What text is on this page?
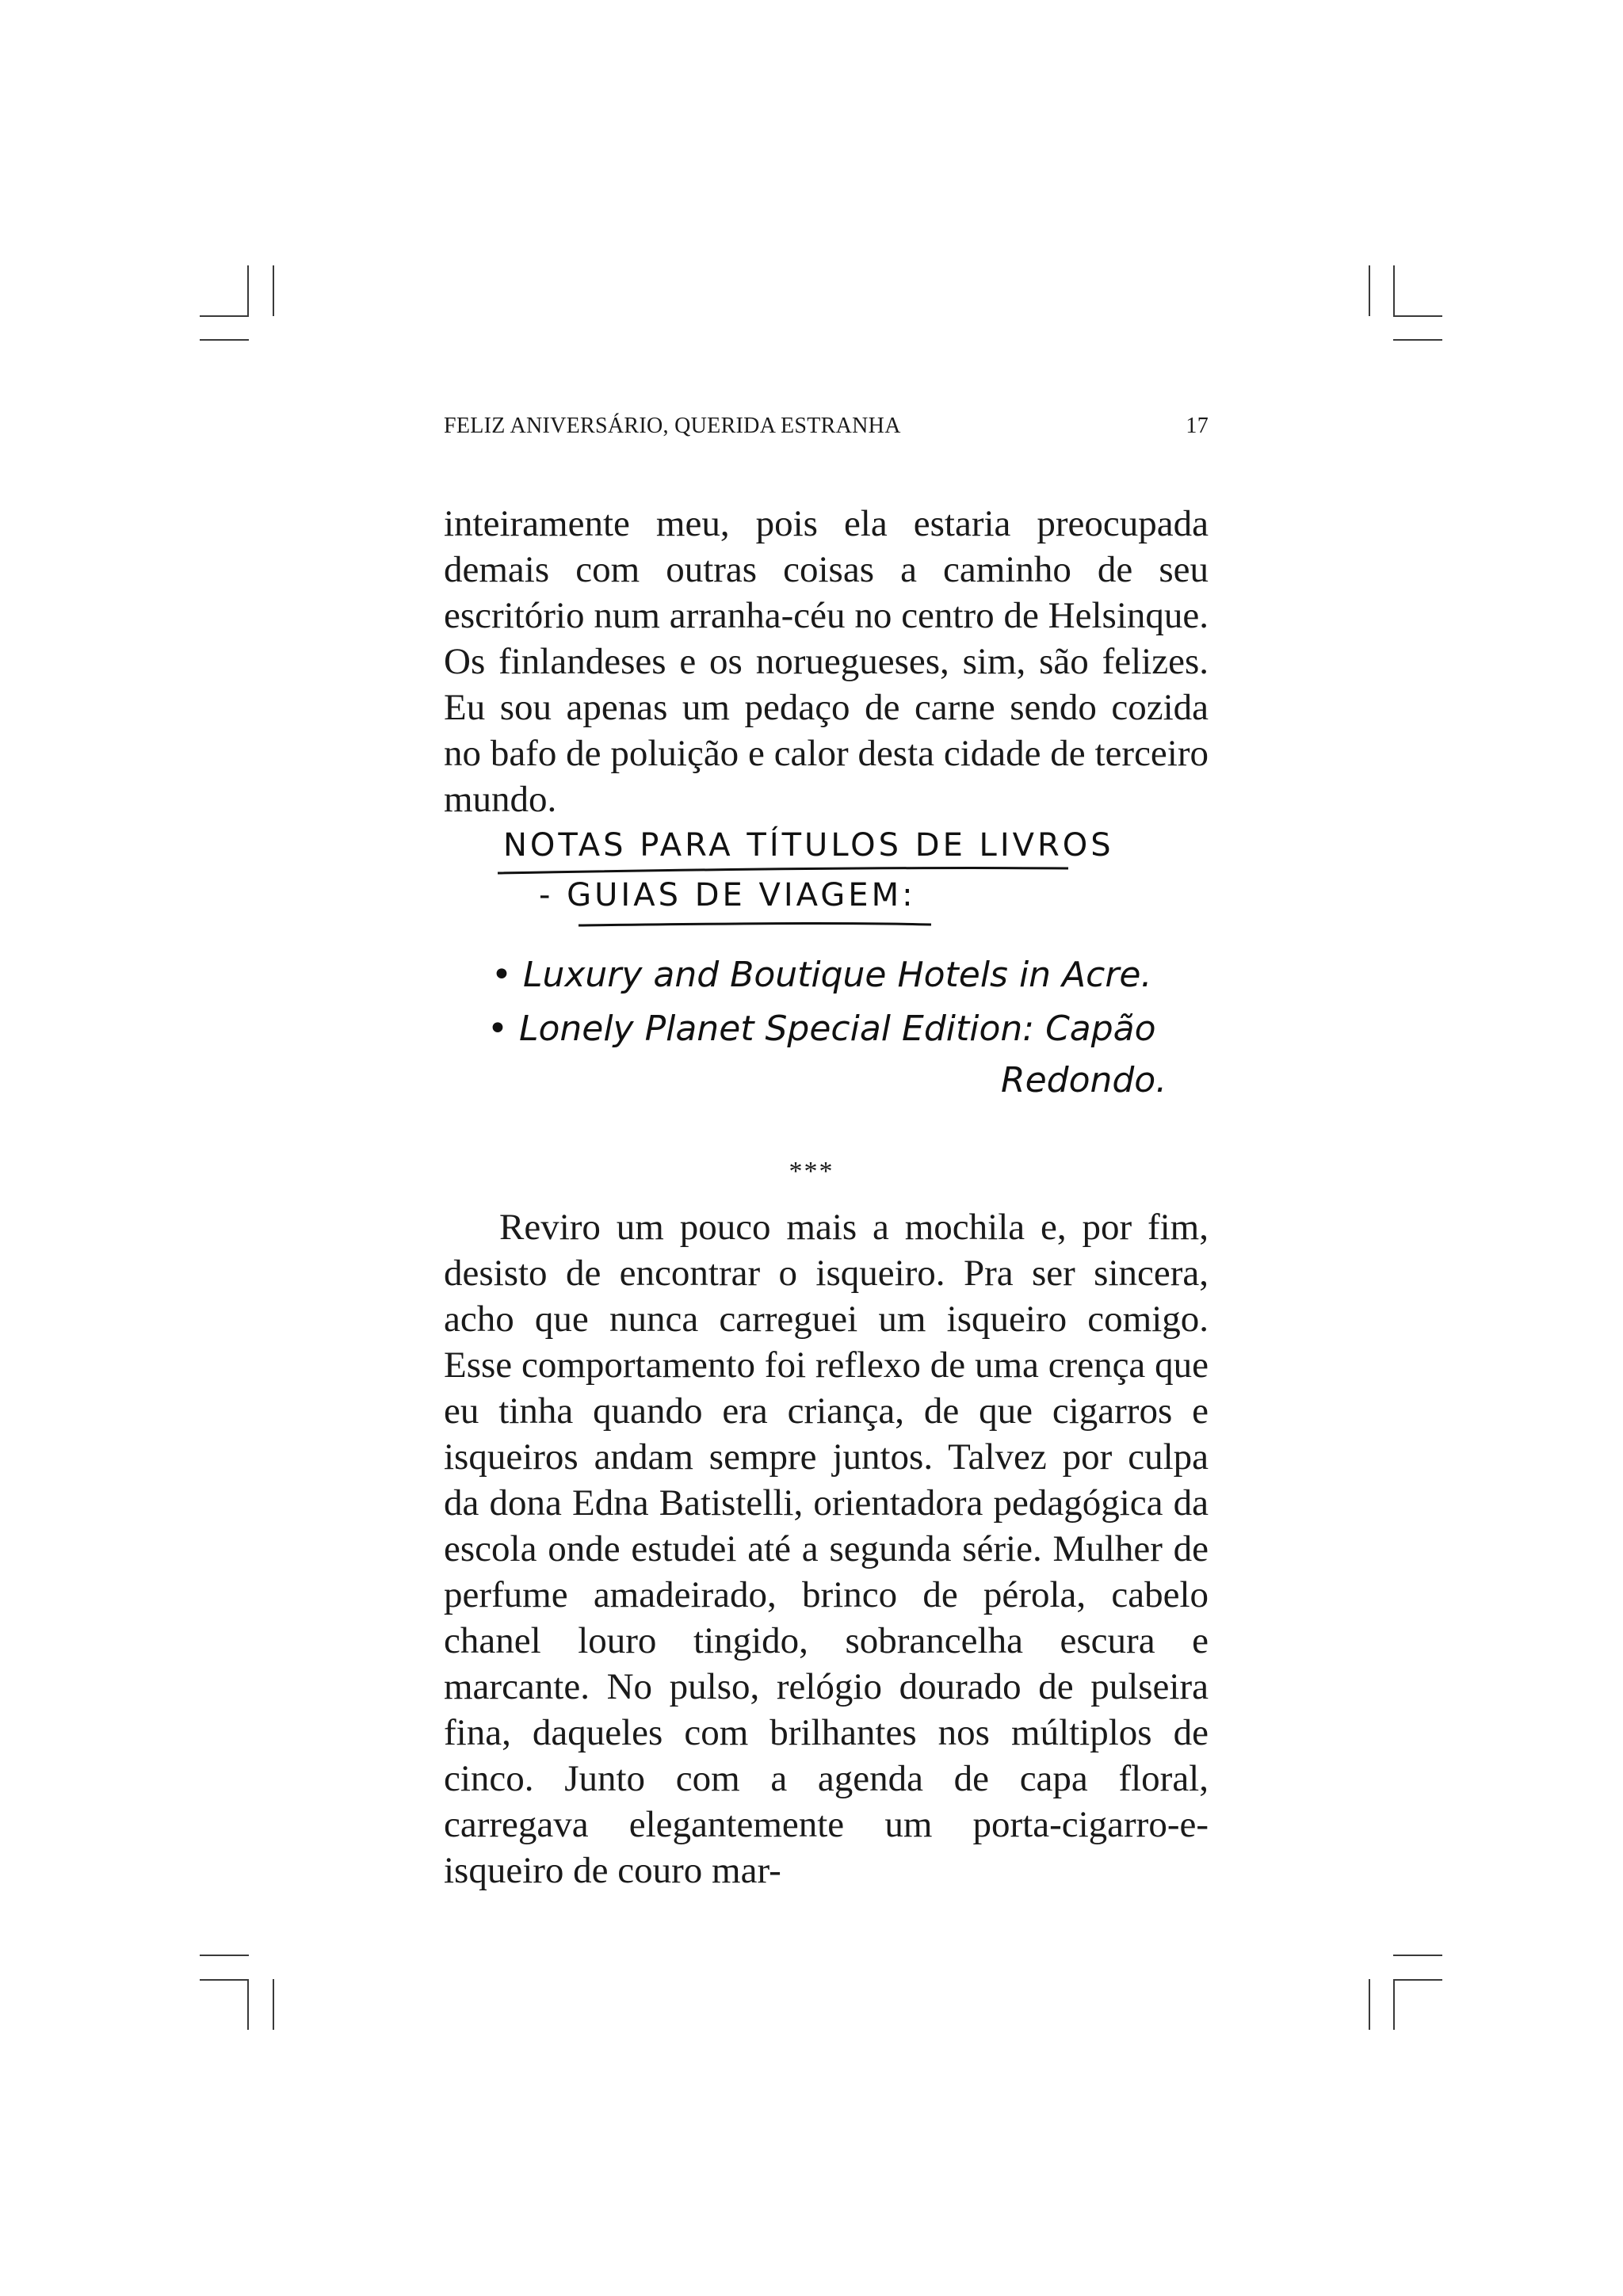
FELIZ ANIVERSÁRIO, QUERIDA ESTRANHA	17

inteiramente meu, pois ela estaria preocupada demais com outras coisas a caminho de seu escritório num arranha-céu no centro de Helsinque. Os finlandeses e os noruegueses, sim, são felizes. Eu sou apenas um pedaço de carne sendo cozida no bafo de poluição e calor desta cidade de terceiro mundo.

NOTAS PARA TÍTULOS DE LIVROS
- GUIAS DE VIAGEM:
• Luxury and Boutique Hotels in Acre.
• Lonely Planet Special Edition: Capão
Redondo.
***

Reviro um pouco mais a mochila e, por fim, desisto de encontrar o isqueiro. Pra ser sincera, acho que nunca carreguei um isqueiro comigo. Esse comportamento foi reflexo de uma crença que eu tinha quando era criança, de que cigarros e isqueiros andam sempre juntos. Talvez por culpa da dona Edna Batistelli, orientadora pedagógica da escola onde estudei até a segunda série. Mulher de perfume amadeirado, brinco de pérola, cabelo chanel louro tingido, sobrancelha escura e marcante. No pulso, relógio dourado de pulseira fina, daqueles com brilhantes nos múltiplos de cinco. Junto com a agenda de capa floral, carregava elegantemente um porta-cigarro-e-isqueiro de couro mar-
